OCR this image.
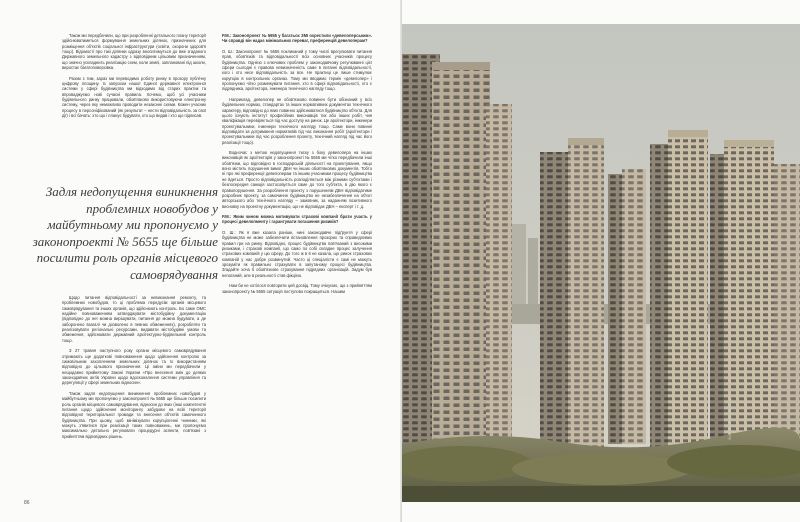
Також ми передбачили, що при розробленні детального плану території здійснюватиметься формування земельних ділянок, призначених для розміщення об'єктів соціальної інфраструктури (освіти, охорони здоров'я тощо). Відомості про такі ділянки одразу вноситимуться до вже згаданого Державного земельного кадастру з відповідним цільовим призначенням, що значно ускладнить реалізацію схем, коли землі, заплановані під школи, виростає багатоповерхівка.

Разом з тим, зараз ми переводимо роботу ринку в прозору публічну цифрову площину. Із запуском нашої Єдиної державної електронної системи у сфері будівництва ми відходимо від старих практик та впроваджуємо нові сучасні правила. Хочемо, щоб усі учасники будівельного ринку працювали, обов'язково використовуючи електронну систему, через яку неможливо проводити незаконні схеми. Кожен учасник процесу в персоніфікований (як результат – нести відповідальність за свої дії) і всі бачать: хто що і планує будувати, хто що видав і хто що підписав.

Задля недопущення виникнення проблемних новобудов у майбутньому ми пропонуємо у законопроекті № 5655 ще більше посилити роль органів місцевого самоврядування

Щодо питання відповідальності за невиконання ремонту, та проблемних новобудов, то ці проблема передусім органів місцевого самоврядування та інших органів, що здійснюють контроль. Бо саме ОМС надійне повноваженням затверджувати містобудівну документацію (відповідно до неї можна вирішувати, питання де можна будувати, а де заборонено взагалі чи дозволено в певних обмеженнях), розробляти та реалізовувати регіональні ресурсами, видавати містобудівні умови та обмеження, здійснювати державний архітектурно-будівельний контроль тощо.

З 27 травня наступного року органи місцевого самоврядування отримають ще додаткові повноваження щодо здійснення контролю за самовільним захопленням земельних ділянок та їх використанням відповідно до цільового призначення. Ці зміни ми передбачили у нещодавно прийнятому Законі України «Про внесення змін до деяких законодавчих актів України щодо вдосконалення системи управління та дерегуляції у сфері земельних відносин».

Також задля недопущення виникнення проблемних новобудов у майбутньому ми пропонуємо у законопроекті № 5655 ще більше посилити роль органів місцевого самоврядування, відносин до яких (інші компетентні питання щодо здійснення моніторингу забудови на всій території відповідної територіальної громади та внесення об'єктів самочинного будівництва. При цьому, щоб мінімізувати корупціогенні чинники, які можуть з'явитися при реалізації таких повноважень, ми пропонуємо максимально детально регулювати процедурні аспекти, пов'язані з прийняттям відповідних рішень.

Р.М.: Законопроект № 5655 у багатьох ЗМІ охрестили «девелоперським». Чи справді він надає мінімальних переваг, преференцій девелоперам?

О. Ш.: Законопроект № 5655 покликаний у тому числі врегулювати питання прав, обов'язків та відповідальності всіх основних учасників процесу будівництва. Однією з ключових проблем у законодавчому регулюванні цієї сфери сьогодні є правова невизначеність саме в питанні відповідальності, кого і хто несе відповідальність за все. Не практиці це лише стимулює корупцію в контрольних органах. Тому ми вводимо термін «девелопер» і пропонуємо чітко розмежувати питання, хто в сфері відповідальності, хто є підрядника, архітектора, інженера технічного нагляду тощо.

Наприклад, девелопер не обов'язково повинен бути обізнаний у всіх будівельних нормах, стандартах та інших нормативних документах технічного характеру, відповідно до яких повинно здійснюватися будівництво об'єкта. Для цього існують інститут професійних виконавців тих або інших робіт, чия кваліфікація перевіряється під час доступу на ринок. Це архітектори, інженери проектувальники, інженери технічного нагляду тощо. Саме вони повинні відповідати за дотримання нормативів під час виконання робіт (архітектори і проектувальники під час розроблення проекту, технічний нагляд під час його реалізації тощо).

Водночас з метою недопущення тиску з боку девелопера на інших виконавців як архітекторів у законопроекті № 5655 ми чітко передбачили інші обов'язки, що відповідно в господарській діяльності на проектування, якщо воно містить порушення вимог ДБН чи інших обов'язкових документів. Тобто ні про які преференції девелоперам та іншим учасникам процесу будівництва не йдеться. Просто відповідальність розподіляється між різними суб'єктами і безпосередня санкція застосовується саме до того суб'єкта, в дію якого є правопорушення. За розроблення проекту з порушенням ДБН відповідатиме розробник проекту, за самочинне будівництво не незабезпечення на об'єкт авторського або технічного нагляду – замовник, за наданням позитивного висновку на проектну документацію, що не відповідає ДБН – експерт і т. д.

Р.М.: Яким чином можна мотивувати страхові компанії брати участь у процесі девелопменту і гарантувати погашення ризиків?

О. Ш.: Як я вже казала раніше, нині законодавче підґрунтя у сфері будівництва не може забезпечити встановлення прозорих та справедливих правил гри на ринку. Відповідно, процес будівництва пов'язаний з високими ризиками, і страхові компанії, що само по собі складне процес залучення страхових компаній у цю сферу. До того ж в 6 не казала, що ринок страхових компаній у нас добре розвинутий. Часто ці спеціалісти є самі не можуть зрозуміти як правильно страхувати в запутаному процесі будівництва. Згадайте хоча б обов'язкове страхування підрядних організацій. Задум був непоганий, але в реальності став фікцією.

Нам би не хотілося повторити цей досвід. Тому очікуємо, що з прийняттям законопроекту № 5655 ситуація поступово покращиться. Нашим

86
Фото: Вал Разумкова/Голуб
